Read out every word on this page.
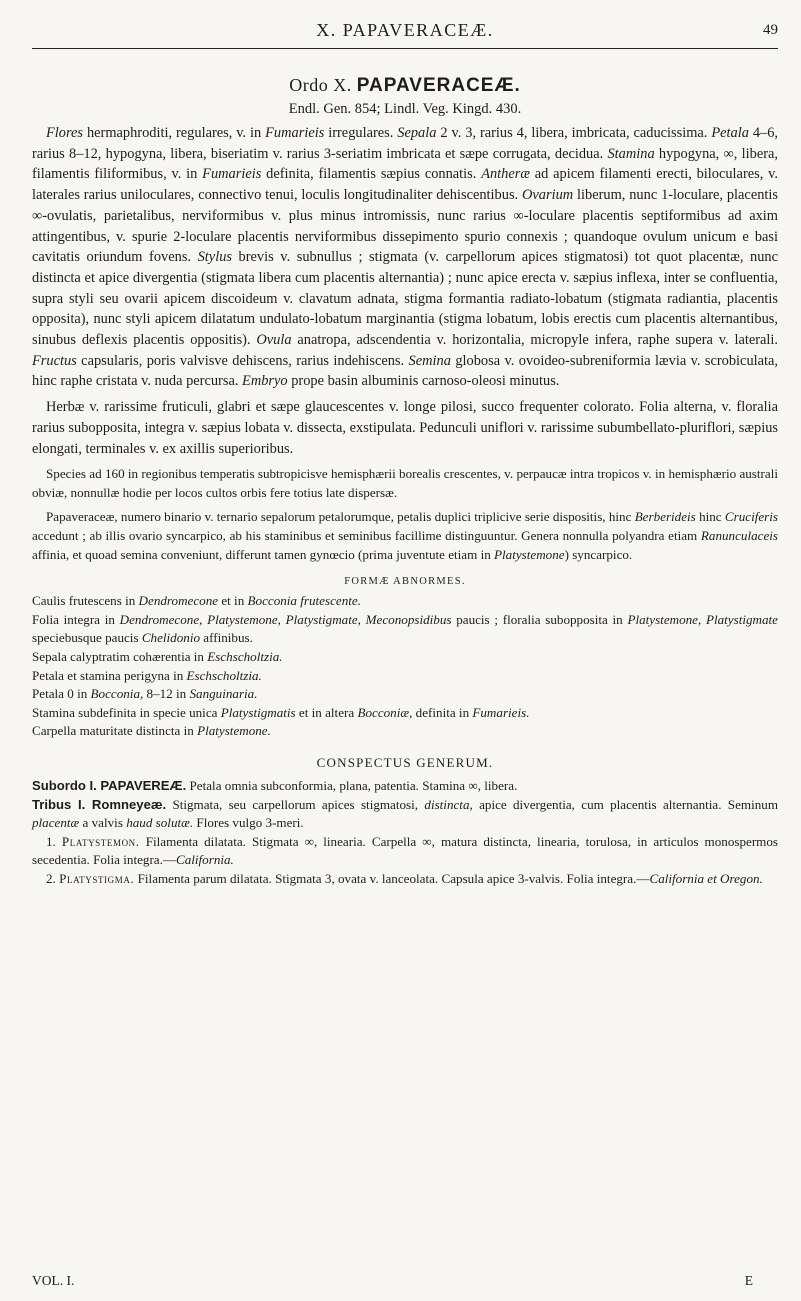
X. PAPAVERACEÆ.	49
Ordo X. PAPAVERACEÆ.
Endl. Gen. 854; Lindl. Veg. Kingd. 430.

Flores hermaphroditi, regulares, v. in Fumarieis irregulares. Sepala 2 v. 3, rarius 4, libera, imbricata, caducissima. Petala 4–6, rarius 8–12, hypogyna, libera, biseriatim v. rarius 3-seriatim imbricata et sæpe corrugata, decidua. Stamina hypogyna, ∞, libera, filamentis filiformibus, v. in Fumarieis definita, filamentis sæpius connatis. Antheræ ad apicem filamenti erecti, biloculares, v. laterales rarius uniloculares, connectivo tenui, loculis longitudinaliter dehiscentibus. Ovarium liberum, nunc 1-loculare, placentis ∞-ovulatis, parietalibus, nerviformibus v. plus minus intromissis, nunc rarius ∞-loculare placentis septiformibus ad axim attingentibus, v. spurie 2-loculare placentis nerviformibus dissepimento spurio connexis ; quandoque ovulum unicum e basi cavitatis oriundum fovens. Stylus brevis v. subnullus ; stigmata (v. carpellorum apices stigmatosi) tot quot placentæ, nunc distincta et apice divergentia (stigmata libera cum placentis alternantia) ; nunc apice erecta v. sæpius inflexa, inter se confluentia, supra styli seu ovarii apicem discoideum v. clavatum adnata, stigma formantia radiato-lobatum (stigmata radiantia, placentis opposita), nunc styli apicem dilatatum undulato-lobatum marginantia (stigma lobatum, lobis erectis cum placentis alternantibus, sinubus deflexis placentis oppositis). Ovula anatropa, adscendentia v. horizontalia, micropyle infera, raphe supera v. laterali. Fructus capsularis, poris valvisve dehiscens, rarius indehiscens. Semina globosa v. ovoideo-subreniformia lævia v. scrobiculata, hinc raphe cristata v. nuda percursa. Embryo prope basin albuminis carnoso-oleosi minutus.

Herbæ v. rarissime fruticuli, glabri et sæpe glaucescentes v. longe pilosi, succo frequenter colorato. Folia alterna, v. floralia rarius subopposita, integra v. sæpius lobata v. dissecta, exstipulata. Pedunculi uniflori v. rarissime subumbellato-pluriflori, sæpius elongati, terminales v. ex axillis superioribus.

Species ad 160 in regionibus temperatis subtropicisve hemisphærii borealis crescentes, v. perpaucæ intra tropicos v. in hemisphærio australi obviæ, nonnullæ hodie per locos cultos orbis fere totius late dispersæ.

Papaveraceæ, numero binario v. ternario sepalorum petalorumque, petalis duplici triplicive serie dispositis, hinc Berberideis hinc Cruciferis accedunt ; ab illis ovario syncarpico, ab his staminibus et seminibus facillime distinguuntur. Genera nonnulla polyandra etiam Ranunculaceis affinia, et quoad semina conveniunt, differunt tamen gynœcio (prima juventute etiam in Platystemone) syncarpico.

FORMÆ ABNORMES.

Caulis frutescens in Dendromecone et in Bocconia frutescente.

Folia integra in Dendromecone, Platystemone, Platystigmate, Meconopsidibus paucis ; floralia subopposita in Platystemone, Platystigmate speciebusque paucis Chelidonio affinibus.

Sepala calyptratim cohærentia in Eschscholtzia.

Petala et stamina perigyna in Eschscholtzia.

Petala 0 in Bocconia, 8–12 in Sanguinaria.

Stamina subdefinita in specie unica Platystigmatis et in altera Bocconiæ, definita in Fumarieis.

Carpella maturitate distincta in Platystemone.

CONSPECTUS GENERUM.

Subordo I. PAPAVEREÆ. Petala omnia subconformia, plana, patentia. Stamina ∞, libera.

Tribus I. Romneyeæ. Stigmata, seu carpellorum apices stigmatosi, distincta, apice divergentia, cum placentis alternantia. Seminum placentæ a valvis haud solutæ. Flores vulgo 3-meri.

1. Platystemon. Filamenta dilatata. Stigmata ∞, linearia. Carpella ∞, matura distincta, linearia, torulosa, in articulos monospermos secedentia. Folia integra.—California.

2. Platystigma. Filamenta parum dilatata. Stigmata 3, ovata v. lanceolata. Capsula apice 3-valvis. Folia integra.—California et Oregon.

VOL. I.	E
